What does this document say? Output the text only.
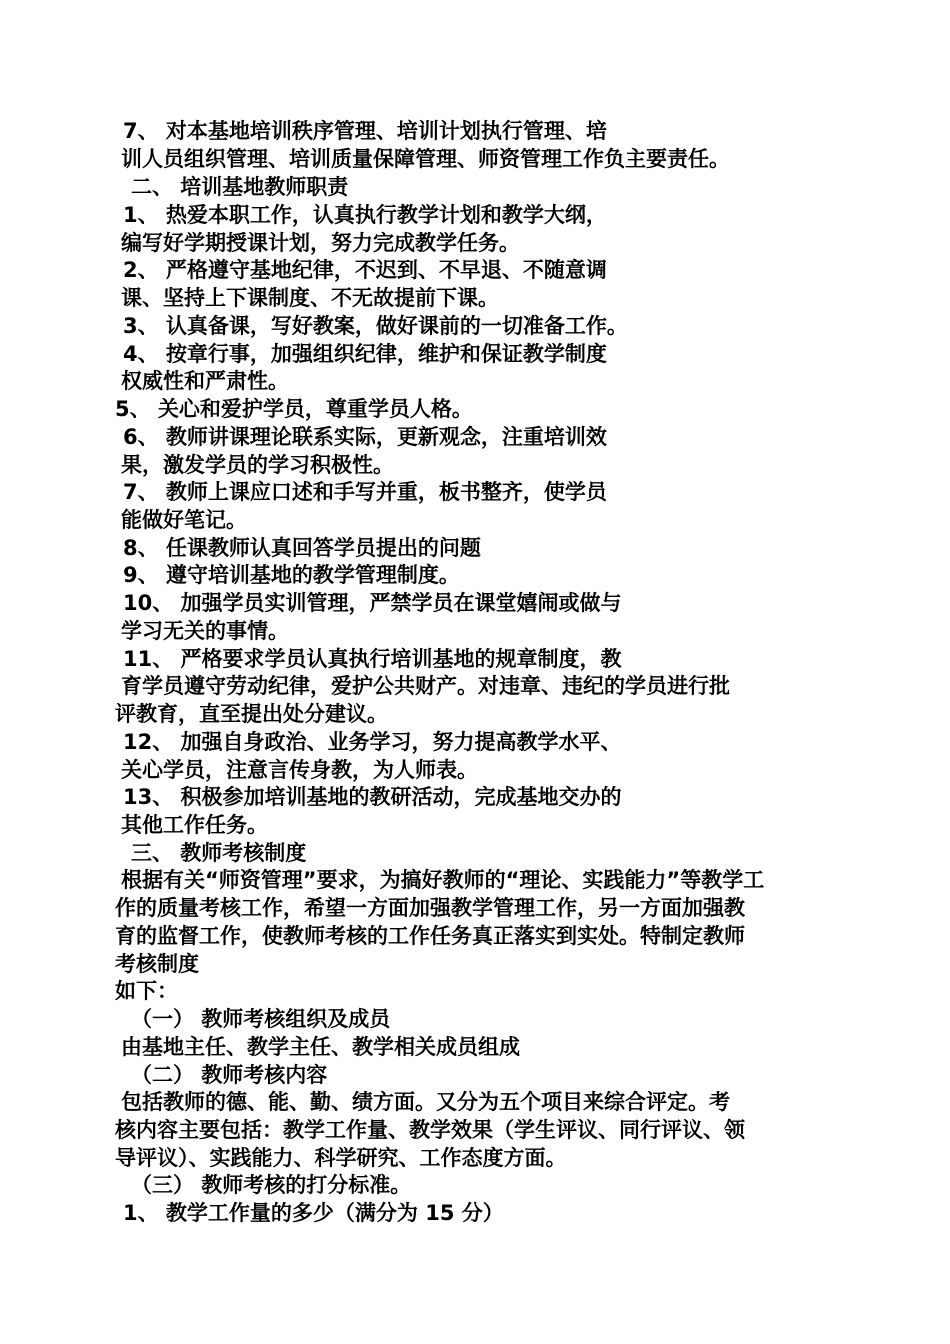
7、 对本基地培训秩序管理、培训计划执行管理、培
训人员组织管理、培训质量保障管理、师资管理工作负主要责任。
二、 培训基地教师职责
1、 热爱本职工作，认真执行教学计划和教学大纲，
编写好学期授课计划，努力完成教学任务。
2、 严格遵守基地纪律，不迟到、不早退、不随意调
课、坚持上下课制度、不无故提前下课。
3、 认真备课，写好教案，做好课前的一切准备工作。
4、 按章行事，加强组织纪律，维护和保证教学制度
权威性和严肃性。
5、 关心和爱护学员，尊重学员人格。
6、 教师讲课理论联系实际，更新观念，注重培训效
果，激发学员的学习积极性。
7、 教师上课应口述和手写并重，板书整齐，使学员
能做好笔记。
8、 任课教师认真回答学员提出的问题
9、 遵守培训基地的教学管理制度。
10、 加强学员实训管理，严禁学员在课堂嬉闹或做与
学习无关的事情。
11、 严格要求学员认真执行培训基地的规章制度，教
育学员遵守劳动纪律，爱护公共财产。对违章、违纪的学员进行批
评教育，直至提出处分建议。
12、 加强自身政治、业务学习，努力提高教学水平、
关心学员，注意言传身教，为人师表。
13、 积极参加培训基地的教研活动，完成基地交办的
其他工作任务。
三、 教师考核制度
根据有关“师资管理”要求，为搞好教师的“理论、实践能力”等教学工
作的质量考核工作，希望一方面加强教学管理工作，另一方面加强教
育的监督工作，使教师考核的工作任务真正落实到实处。特制定教师
考核制度
如下：
（一） 教师考核组织及成员
由基地主任、教学主任、教学相关成员组成
（二） 教师考核内容
包括教师的德、能、勤、绩方面。又分为五个项目来综合评定。考
核内容主要包括：教学工作量、教学效果（学生评议、同行评议、领
导评议）、实践能力、科学研究、工作态度方面。
（三） 教师考核的打分标准。
1、 教学工作量的多少（满分为 15 分）
